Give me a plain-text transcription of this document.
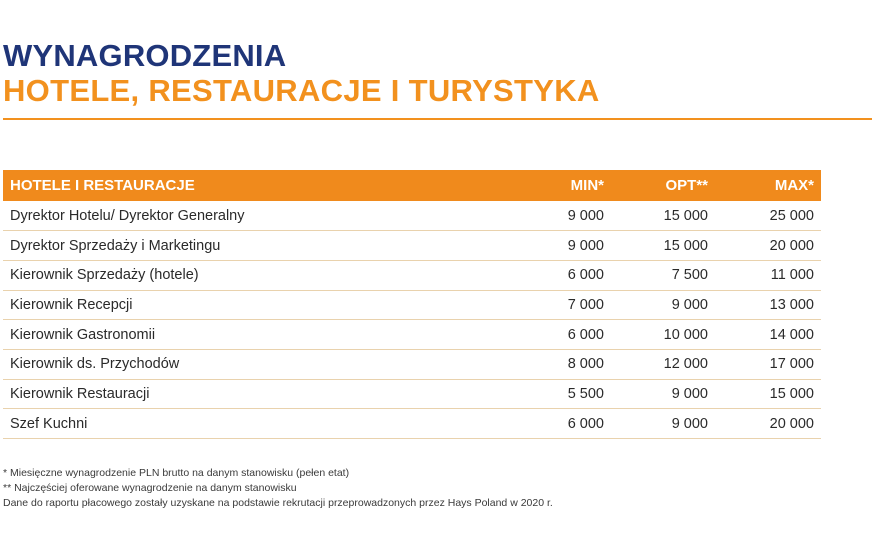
WYNAGRODZENIA
HOTELE, RESTAURACJE I TURYSTYKA
HOTELE I RESTAURACJE	MIN*	OPT**	MAX*
Dyrektor Hotelu/ Dyrektor Generalny	9 000	15 000	25 000
Dyrektor Sprzedaży i Marketingu	9 000	15 000	20 000
Kierownik Sprzedaży (hotele)	6 000	7 500	11 000
Kierownik Recepcji	7 000	9 000	13 000
Kierownik Gastronomii	6 000	10 000	14 000
Kierownik ds. Przychodów	8 000	12 000	17 000
Kierownik Restauracji	5 500	9 000	15 000
Szef Kuchni	6 000	9 000	20 000
* Miesięczne wynagrodzenie PLN brutto na danym stanowisku (pełen etat)
** Najczęściej oferowane wynagrodzenie na danym stanowisku
Dane do raportu płacowego zostały uzyskane na podstawie rekrutacji przeprowadzonych przez Hays Poland w 2020 r.
